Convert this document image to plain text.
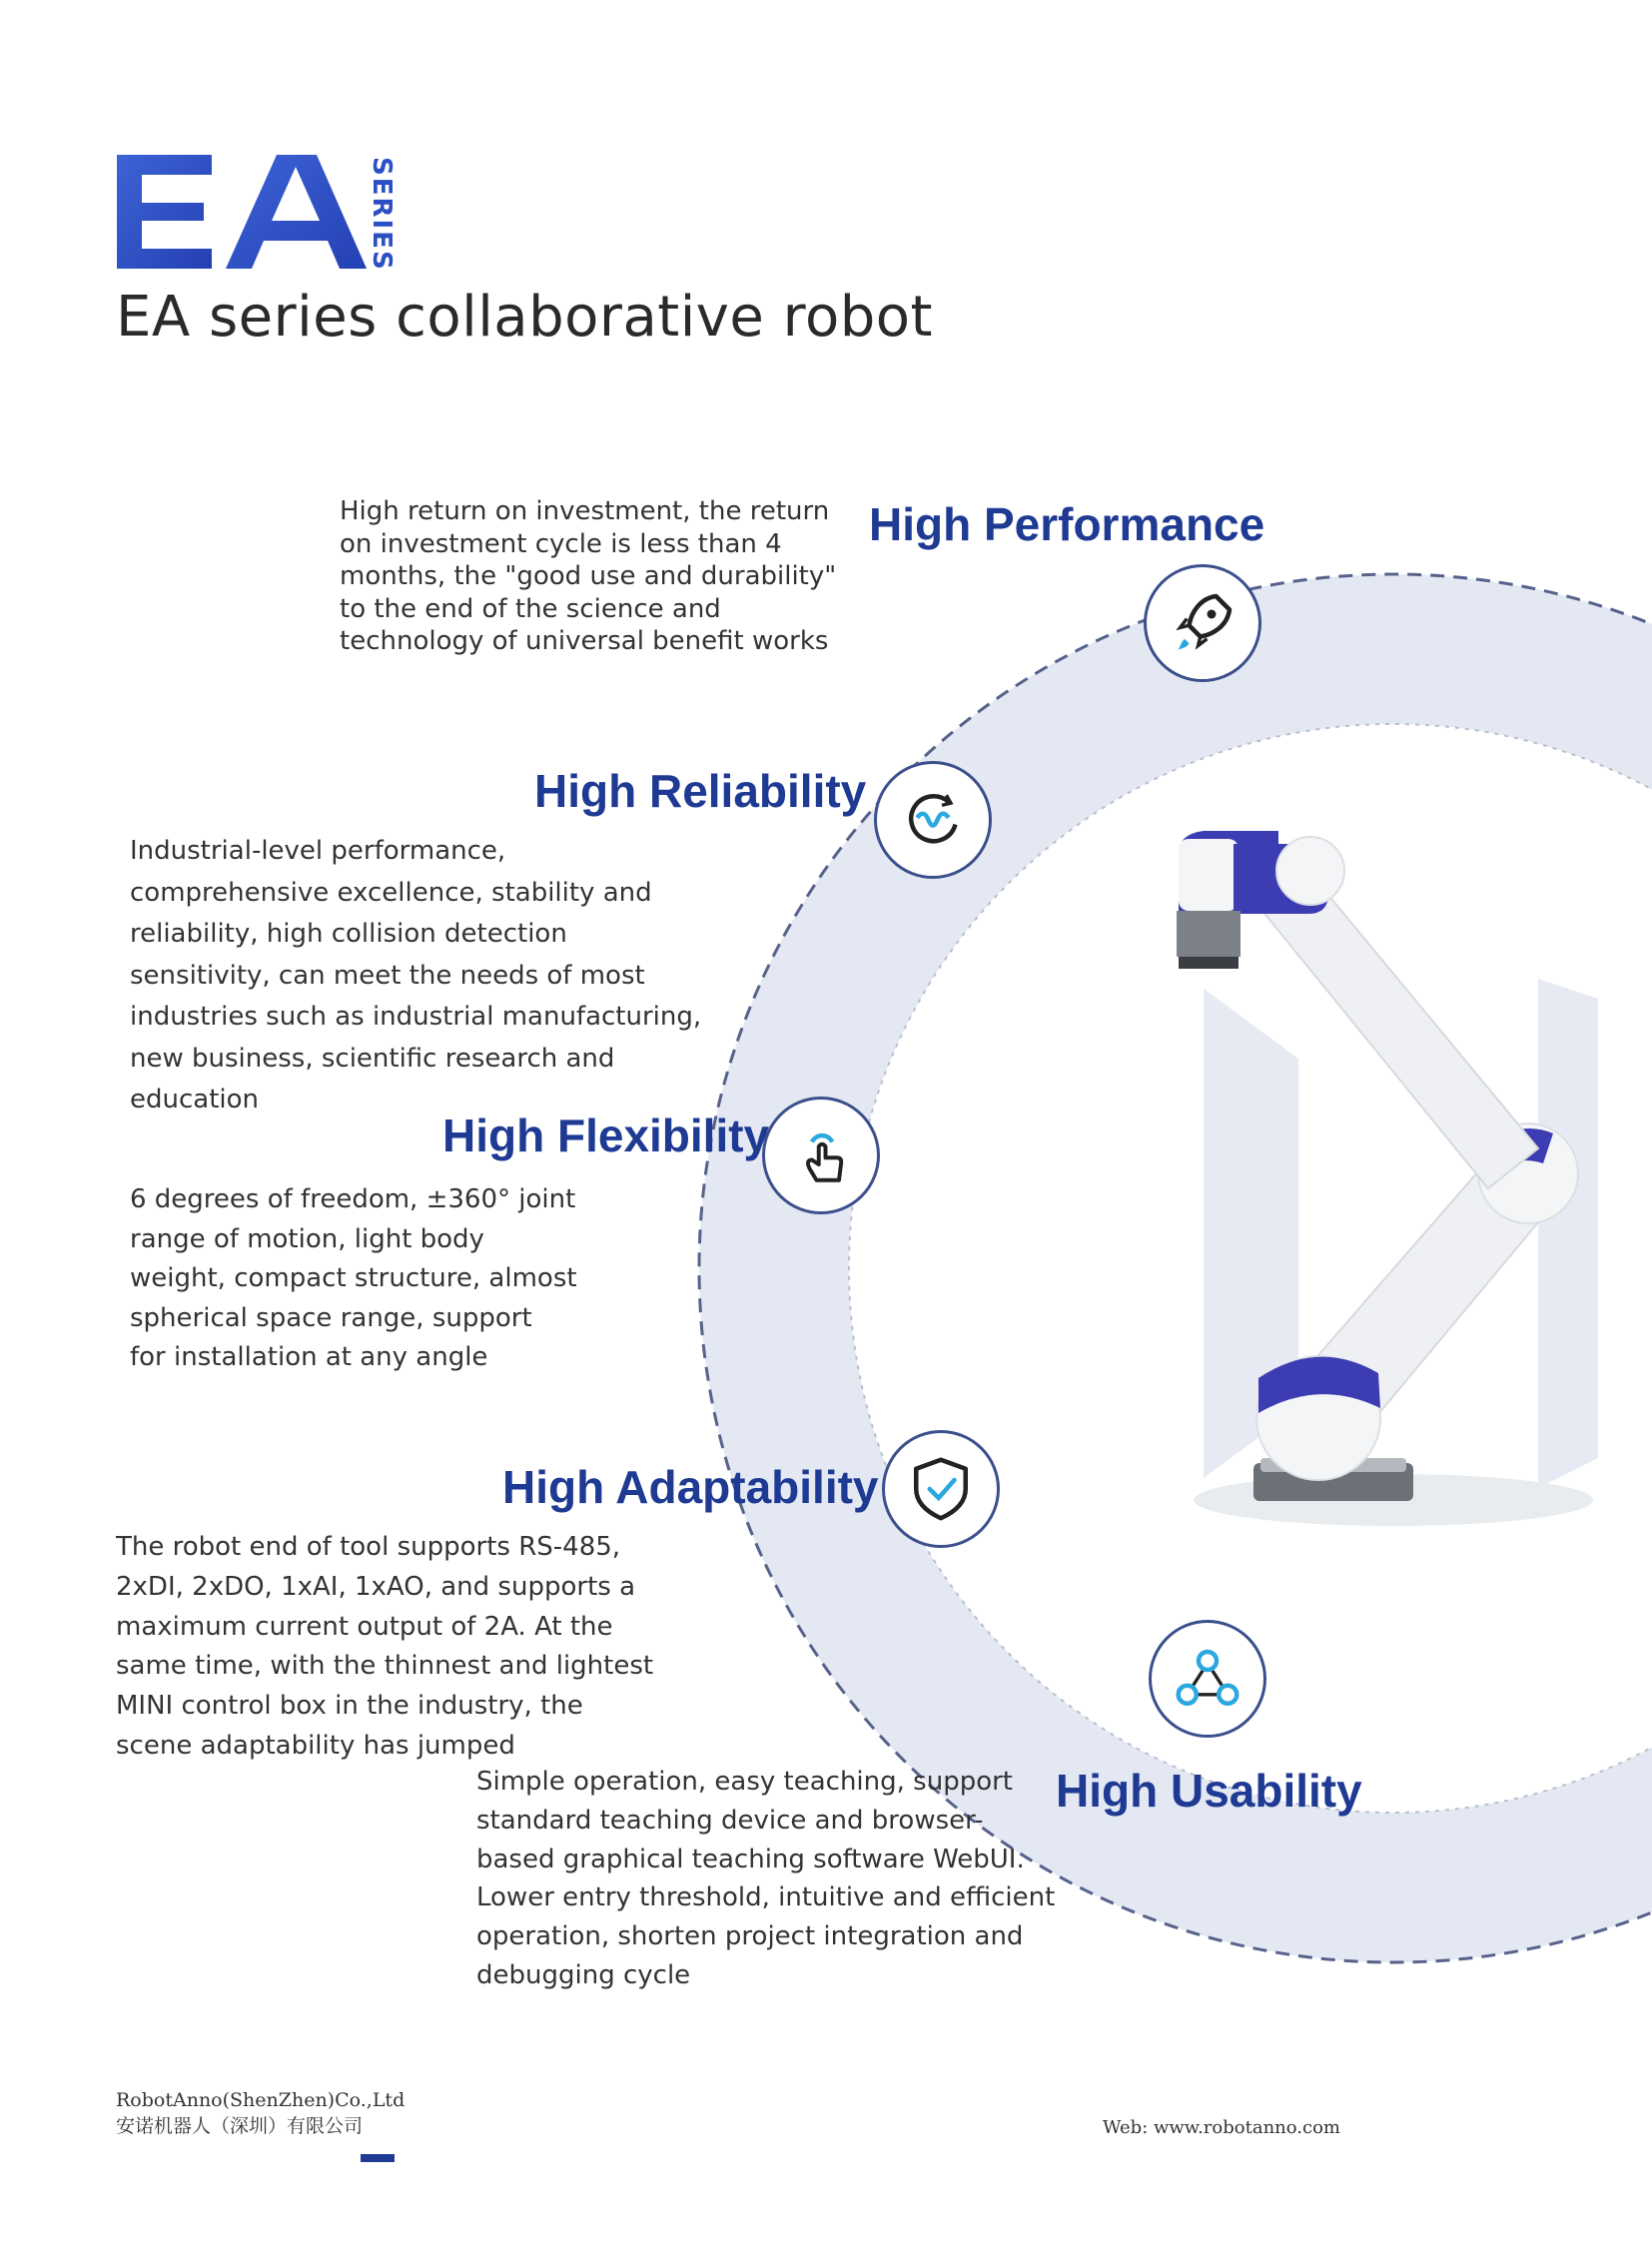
SERIES
EA series collaborative robot
High Performance
High Reliability
High Flexibility
High Adaptability
High Usability
High return on investment, the return
on investment cycle is less than 4
months, the "good use and durability"
to the end of the science and
technology of universal benefit works
Industrial-level performance,
comprehensive excellence, stability and
reliability, high collision detection
sensitivity, can meet the needs of most
industries such as industrial manufacturing,
new business, scientific research and
education
6 degrees of freedom, ±360° joint
range of motion, light body
weight, compact structure, almost
spherical space range, support
for installation at any angle
The robot end of tool supports RS-485,
2xDI, 2xDO, 1xAI, 1xAO, and supports a
maximum current output of 2A. At the
same time, with the thinnest and lightest
MINI control box in the industry, the
scene adaptability has jumped
Simple operation, easy teaching, support
standard teaching device and browser-
based graphical teaching software WebUI.
Lower entry threshold, intuitive and efficient
operation, shorten project integration and
debugging cycle
RobotAnno(ShenZhen)Co.,Ltd
安诺机器人（深圳）有限公司	Web: www.robotanno.com
